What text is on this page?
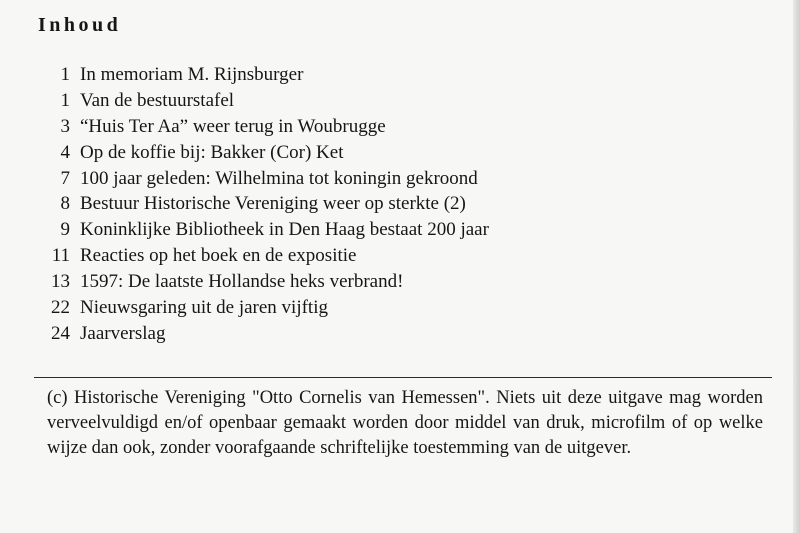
Inhoud
1 In memoriam M. Rijnsburger
1 Van de bestuurstafel
3 “Huis Ter Aa” weer terug in Woubrugge
4 Op de koffie bij: Bakker (Cor) Ket
7 100 jaar geleden: Wilhelmina tot koningin gekroond
8 Bestuur Historische Vereniging weer op sterkte (2)
9 Koninklijke Bibliotheek in Den Haag bestaat 200 jaar
11 Reacties op het boek en de expositie
13 1597: De laatste Hollandse heks verbrand!
22 Nieuwsgaring uit de jaren vijftig
24 Jaarverslag

(c) Historische Vereniging "Otto Cornelis van Hemessen". Niets uit deze uitgave mag worden verveelvuldigd en/of openbaar gemaakt worden door middel van druk, microfilm of op welke wijze dan ook, zonder voorafgaande schriftelijke toestemming van de uitgever.
